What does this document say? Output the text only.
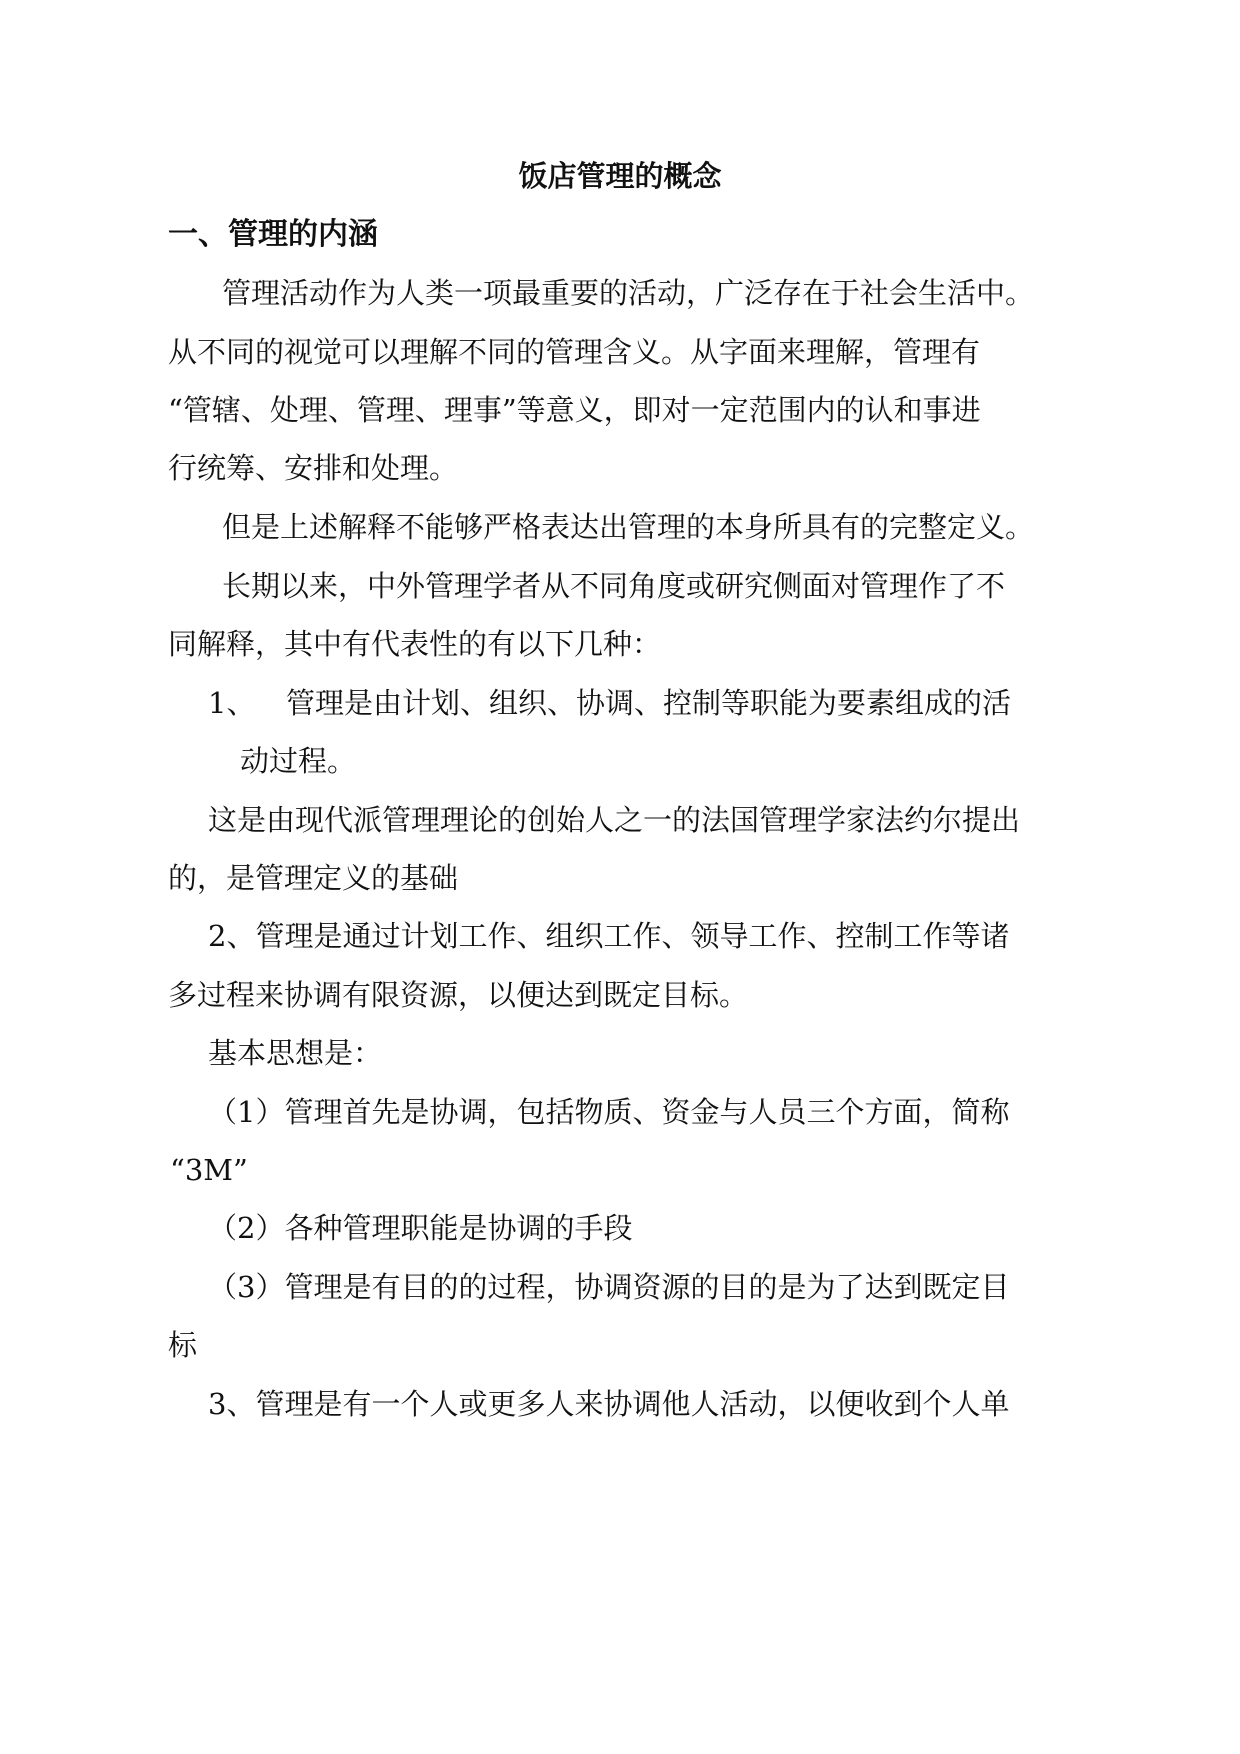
饭店管理的概念
一、管理的内涵
管理活动作为人类一项最重要的活动，广泛存在于社会生活中。
从不同的视觉可以理解不同的管理含义。从字面来理解，管理有
“管辖、处理、管理、理事”等意义，即对一定范围内的认和事进
行统筹、安排和处理。
但是上述解释不能够严格表达出管理的本身所具有的完整定义。
长期以来，中外管理学者从不同角度或研究侧面对管理作了不
同解释，其中有代表性的有以下几种：
1、 管理是由计划、组织、协调、控制等职能为要素组成的活
动过程。
这是由现代派管理理论的创始人之一的法国管理学家法约尔提出
的，是管理定义的基础
2、管理是通过计划工作、组织工作、领导工作、控制工作等诸
多过程来协调有限资源，以便达到既定目标。
基本思想是：
（1）管理首先是协调，包括物质、资金与人员三个方面，简称
“3M”
（2）各种管理职能是协调的手段
（3）管理是有目的的过程，协调资源的目的是为了达到既定目
标
3、管理是有一个人或更多人来协调他人活动，以便收到个人单
